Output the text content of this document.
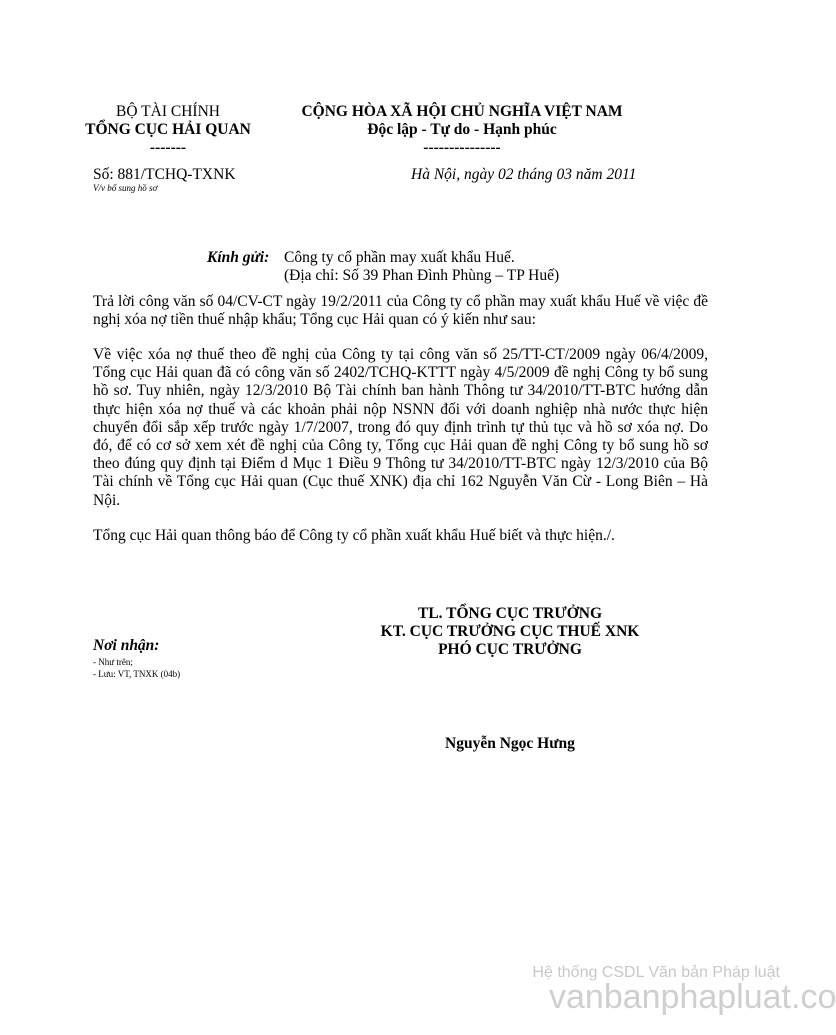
BỘ TÀI CHÍNH
TỔNG CỤC HẢI QUAN
-------
Số: 881/TCHQ-TXNK
V/v bổ sung hồ sơ
CỘNG HÒA XÃ HỘI CHỦ NGHĨA VIỆT NAM
Độc lập - Tự do - Hạnh phúc
---------------
Hà Nội, ngày 02 tháng 03 năm 2011
Kính gửi: Công ty cổ phần may xuất khẩu Huế.
(Địa chỉ: Số 39 Phan Đình Phùng – TP Huế)
Trả lời công văn số 04/CV-CT ngày 19/2/2011 của Công ty cổ phần may xuất khẩu Huế về việc đề nghị xóa nợ tiền thuế nhập khẩu; Tổng cục Hải quan có ý kiến như sau:
Về việc xóa nợ thuế theo đề nghị của Công ty tại công văn số 25/TT-CT/2009 ngày 06/4/2009, Tổng cục Hải quan đã có công văn số 2402/TCHQ-KTTT ngày 4/5/2009 đề nghị Công ty bổ sung hồ sơ. Tuy nhiên, ngày 12/3/2010 Bộ Tài chính ban hành Thông tư 34/2010/TT-BTC hướng dẫn thực hiện xóa nợ thuế và các khoản phải nộp NSNN đối với doanh nghiệp nhà nước thực hiện chuyển đổi sắp xếp trước ngày 1/7/2007, trong đó quy định trình tự thủ tục và hồ sơ xóa nợ. Do đó, để có cơ sở xem xét đề nghị của Công ty, Tổng cục Hải quan đề nghị Công ty bổ sung hồ sơ theo đúng quy định tại Điểm d Mục 1 Điều 9 Thông tư 34/2010/TT-BTC ngày 12/3/2010 của Bộ Tài chính về Tổng cục Hải quan (Cục thuế XNK) địa chỉ 162 Nguyễn Văn Cừ - Long Biên – Hà Nội.
Tổng cục Hải quan thông báo để Công ty cổ phần xuất khẩu Huế biết và thực hiện./.
Nơi nhận:
- Như trên;
- Lưu: VT, TNXK (04b)
TL. TỔNG CỤC TRƯỞNG
KT. CỤC TRƯỞNG CỤC THUẾ XNK
PHÓ CỤC TRƯỞNG
Nguyễn Ngọc Hưng
Hệ thống CSDL Văn bản Pháp luật
vanbanphapluat.co
